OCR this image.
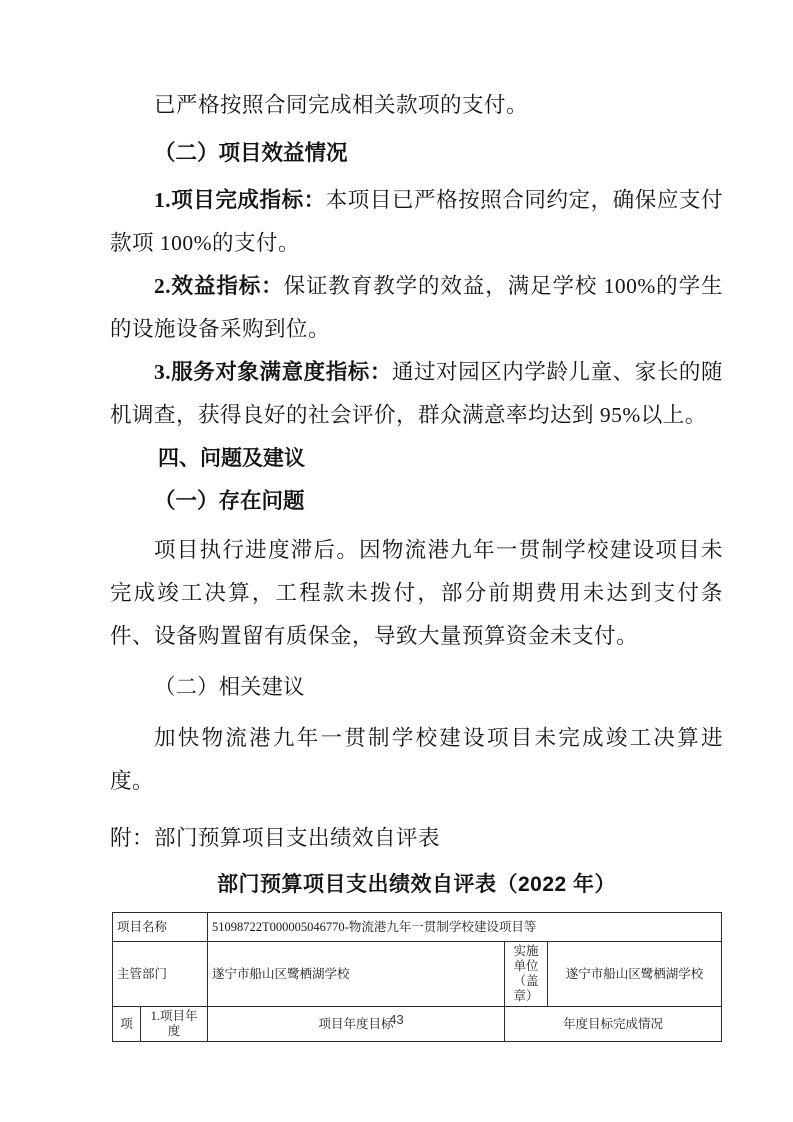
已严格按照合同完成相关款项的支付。

（二）项目效益情况

1.项目完成指标：本项目已严格按照合同约定，确保应支付款项 100%的支付。

2.效益指标：保证教育教学的效益，满足学校 100%的学生的设施设备采购到位。

3.服务对象满意度指标：通过对园区内学龄儿童、家长的随机调查，获得良好的社会评价，群众满意率均达到 95%以上。

四、问题及建议

（一）存在问题

项目执行进度滞后。因物流港九年一贯制学校建设项目未完成竣工决算，工程款未拨付，部分前期费用未达到支付条件、设备购置留有质保金，导致大量预算资金未支付。

（二）相关建议

加快物流港九年一贯制学校建设项目未完成竣工决算进度。

附：部门预算项目支出绩效自评表

部门预算项目支出绩效自评表（2022 年）

项目名称		51098722T000005046770-物流港九年一贯制学校建设项目等		
主管部门		遂宁市船山区鹭栖湖学校	实施单位（盖章）	遂宁市船山区鹭栖湖学校
项	1.项目年度	项目年度目标	年度目标完成情况	
43
